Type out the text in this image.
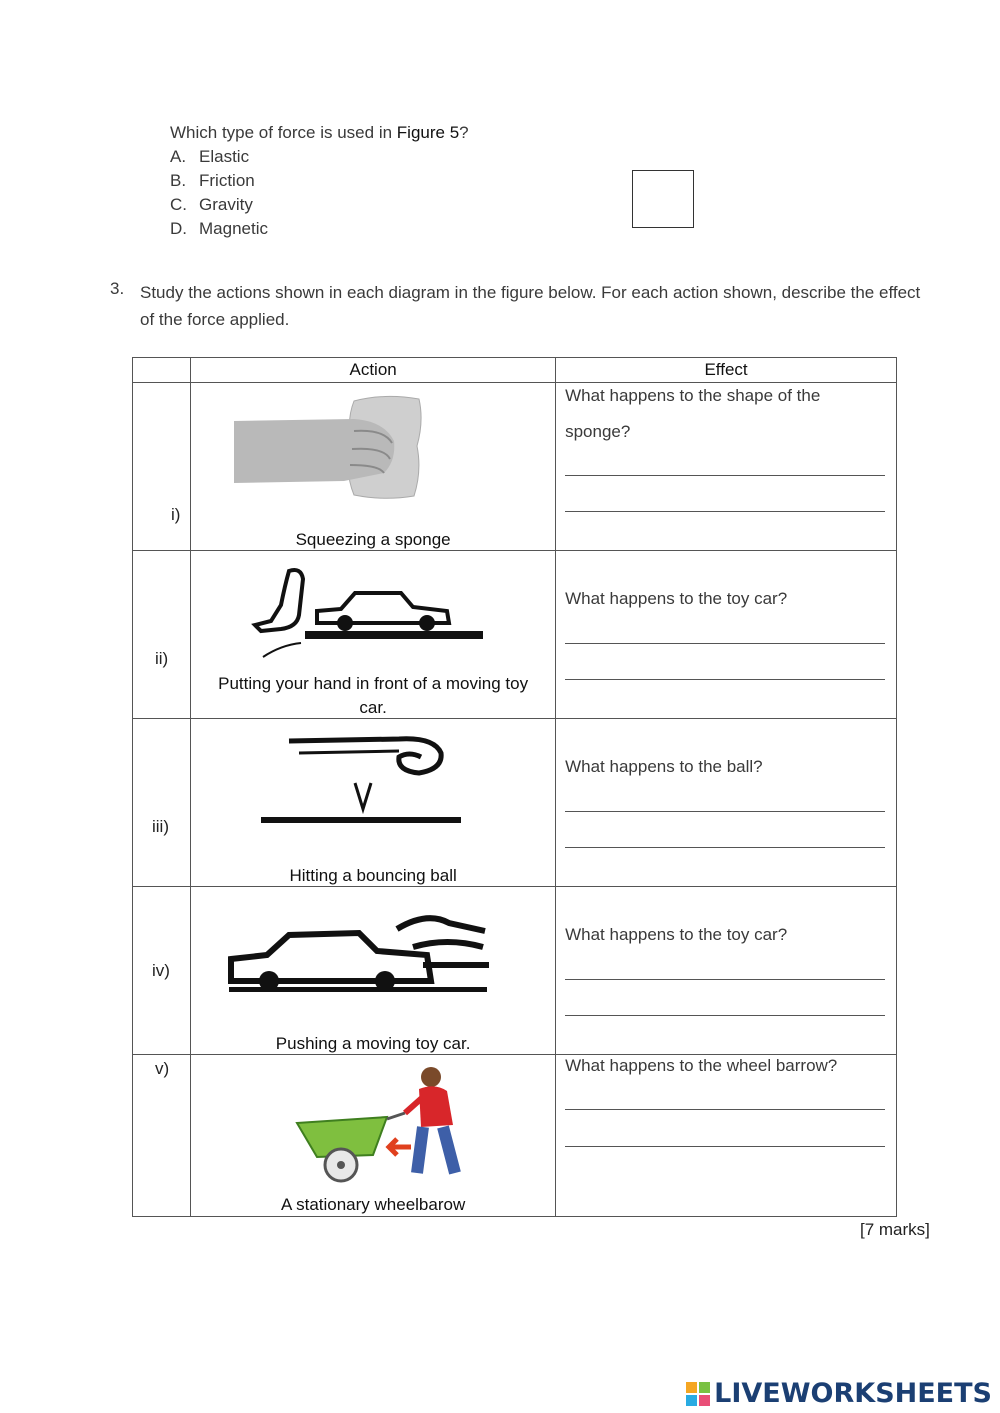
Which type of force is used in Figure 5?
A. Elastic
B. Friction
C. Gravity
D. Magnetic
3. Study the actions shown in each diagram in the figure below. For each action shown, describe the effect of the force applied.
	Action	Effect

i)	Squeezing a sponge	What happens to the shape of the
sponge?

ii)	Putting your hand in front of a moving toy
car.	What happens to the toy car?

iii)	Hitting a bouncing ball	What happens to the ball?

iv)	Pushing a moving toy car.	What happens to the toy car?

v)	A stationary wheelbarow	What happens to the wheel barrow?
[7 marks]
LIVEWORKSHEETS
